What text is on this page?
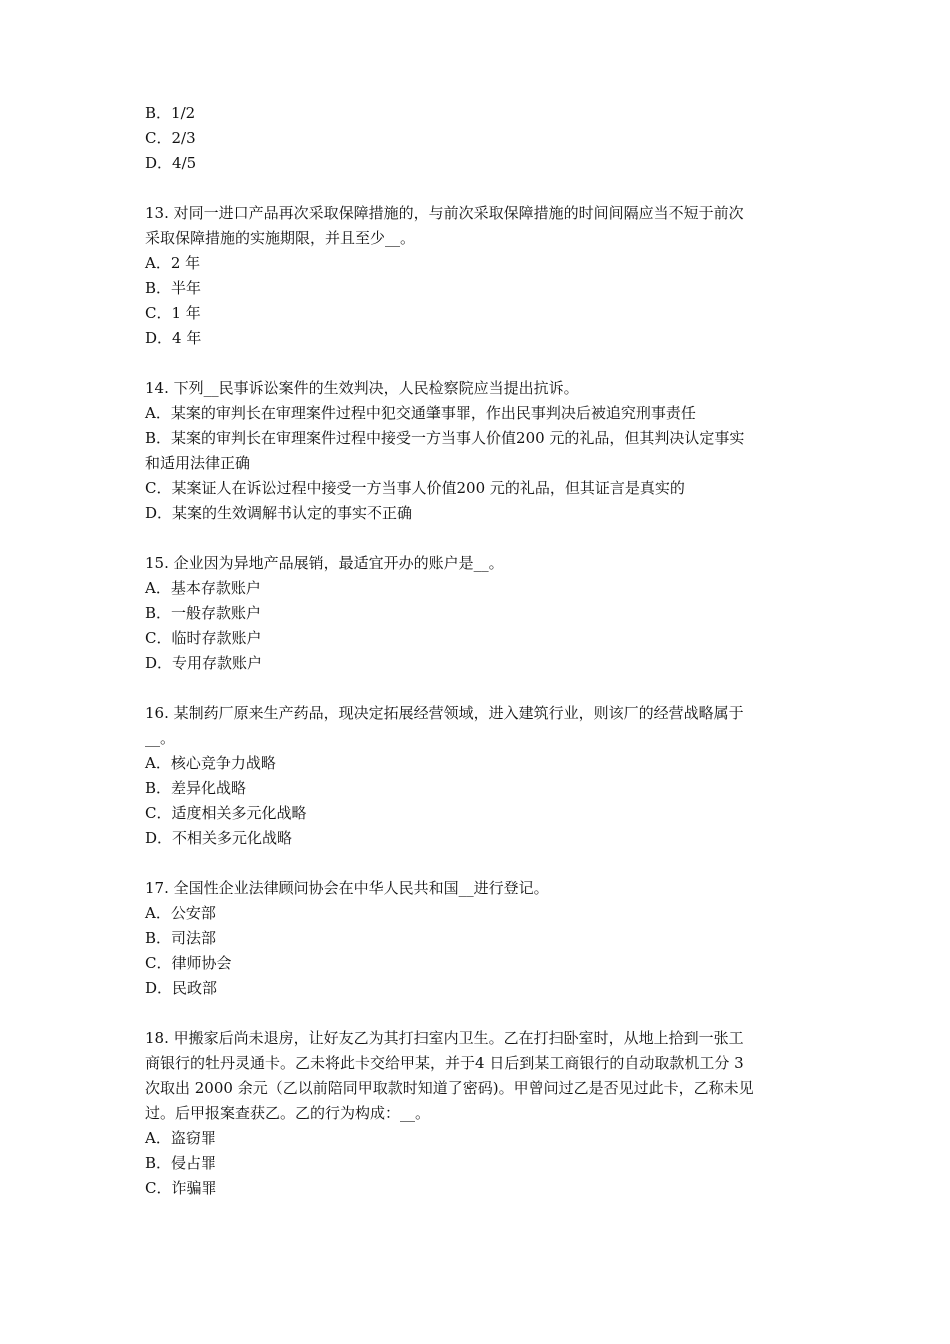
B．1/2
C．2/3
D．4/5
13. 对同一进口产品再次采取保障措施的，与前次采取保障措施的时间间隔应当不短于前次
采取保障措施的实施期限，并且至少__。
A．2 年
B．半年
C．1 年
D．4 年
14. 下列__民事诉讼案件的生效判决，人民检察院应当提出抗诉。
A．某案的审判长在审理案件过程中犯交通肇事罪，作出民事判决后被追究刑事责任
B．某案的审判长在审理案件过程中接受一方当事人价值200 元的礼品，但其判决认定事实
和适用法律正确
C．某案证人在诉讼过程中接受一方当事人价值200 元的礼品，但其证言是真实的
D．某案的生效调解书认定的事实不正确
15. 企业因为异地产品展销，最适宜开办的账户是__。
A．基本存款账户
B．一般存款账户
C．临时存款账户
D．专用存款账户
16. 某制药厂原来生产药品，现决定拓展经营领域，进入建筑行业，则该厂的经营战略属于
__。
A．核心竞争力战略
B．差异化战略
C．适度相关多元化战略
D．不相关多元化战略
17. 全国性企业法律顾问协会在中华人民共和国__进行登记。
A．公安部
B．司法部
C．律师协会
D．民政部
18. 甲搬家后尚未退房，让好友乙为其打扫室内卫生。乙在打扫卧室时，从地上拾到一张工
商银行的牡丹灵通卡。乙未将此卡交给甲某，并于4 日后到某工商银行的自动取款机工分 3
次取出 2000 余元（乙以前陪同甲取款时知道了密码)。甲曾问过乙是否见过此卡，乙称未见
过。后甲报案查获乙。乙的行为构成：__。
A．盗窃罪
B．侵占罪
C．诈骗罪
